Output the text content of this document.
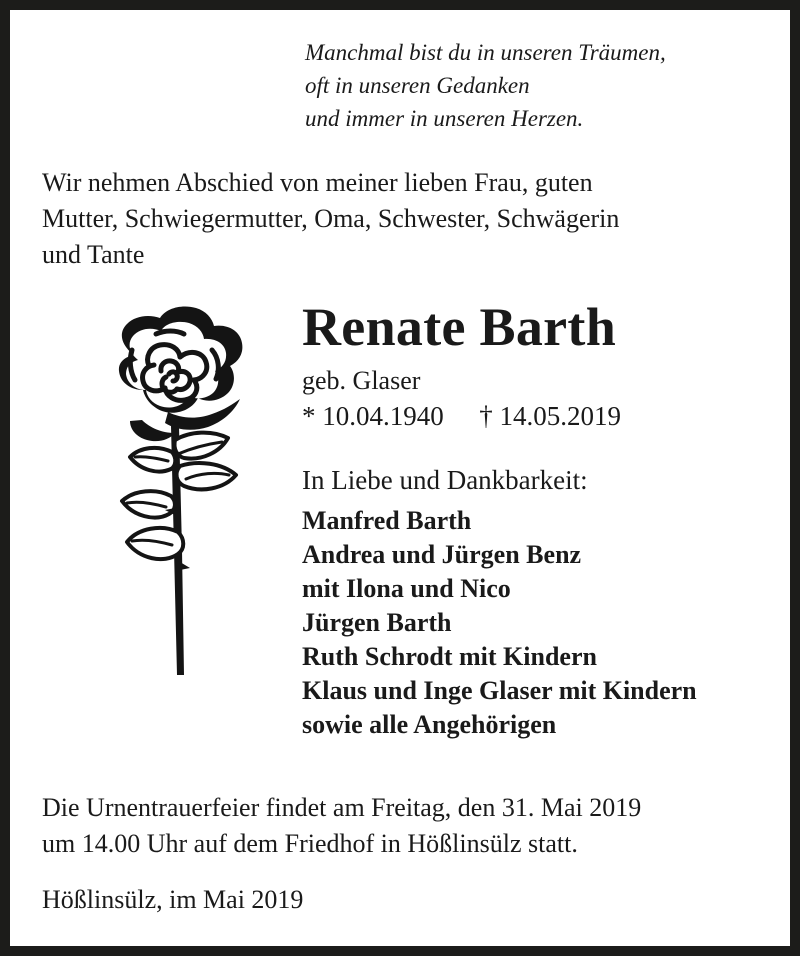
Manchmal bist du in unseren Träumen,
oft in unseren Gedanken
und immer in unseren Herzen.
Wir nehmen Abschied von meiner lieben Frau, guten
Mutter, Schwiegermutter, Oma, Schwester, Schwägerin
und Tante
Renate Barth
geb. Glaser
* 10.04.1940 † 14.05.2019
In Liebe und Dankbarkeit:
Manfred Barth
Andrea und Jürgen Benz
mit Ilona und Nico
Jürgen Barth
Ruth Schrodt mit Kindern
Klaus und Inge Glaser mit Kindern
sowie alle Angehörigen
Die Urnentrauerfeier findet am Freitag, den 31. Mai 2019
um 14.00 Uhr auf dem Friedhof in Hößlinsülz statt.
Hößlinsülz, im Mai 2019
